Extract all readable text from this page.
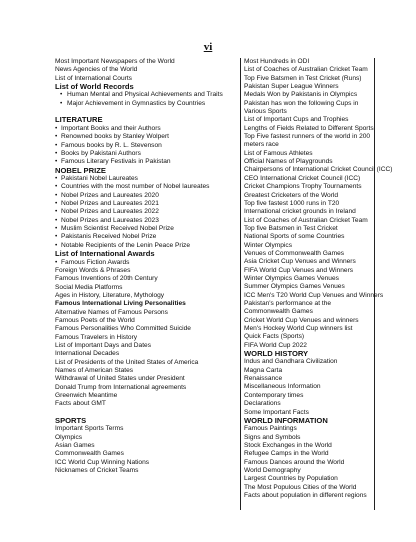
vi
Most Important Newspapers of the World
News Agencies of the World
List of International Courts
List of World Records
• Human Mental and Physical Achievements and Traits
• Major Achievement in Gymnastics by Countries
LITERATURE
• Important Books and their Authors
• Renowned books by Stanley Wolpert
• Famous books by R. L. Stevenson
• Books by Pakistani Authors
• Famous Literary Festivals in Pakistan
NOBEL PRIZE
• Pakistani Nobel Laureates
• Countries with the most number of Nobel laureates
• Nobel Prizes and Laureates 2020
• Nobel Prizes and Laureates 2021
• Nobel Prizes and Laureates 2022
• Nobel Prizes and Laureates 2023
• Muslim Scientist Received Nobel Prize
• Pakistanis Received Nobel Prize
• Notable Recipients of the Lenin Peace Prize
List of International Awards
• Famous Fiction Awards
Foreign Words & Phrases
Famous Inventions of 20th Century
Social Media Platforms
Ages in History, Literature, Mythology
Famous International Living Personalities
Alternative Names of Famous Persons
Famous Poets of the World
Famous Personalities Who Committed Suicide
Famous Travelers in History
List of Important Days and Dates
International Decades
List of Presidents of the United States of America
Names of American States
Withdrawal of United States under President
Donald Trump from International agreements
Greenwich Meantime
Facts about GMT
SPORTS
Important Sports Terms
Olympics
Asian Games
Commonwealth Games
ICC World Cup Winning Nations
Nicknames of Cricket Teams
Most Hundreds in ODI
List of Coaches of Australian Cricket Team
Top Five Batsmen in Test Cricket (Runs)
Pakistan Super League Winners
Medals Won by Pakistanis in Olympics
Pakistan has won the following Cups in Various Sports
List of Important Cups and Trophies
Lengths of Fields Related to Different Sports
Top Five fastest runners of the world in 200 meters race
List of Famous Athletes
Official Names of Playgrounds
Chairpersons of International Cricket Council (ICC)
CEO International Cricket Council (ICC)
Cricket Champions Trophy Tournaments
Greatest Cricketers of the World
Top five fastest 1000 runs in T20
International cricket grounds in Ireland
List of Coaches of Australian Cricket Team
Top five Batsmen in Test Cricket
National Sports of some Countries
Winter Olympics
Venues of Commonwealth Games
Asia Cricket Cup Venues and Winners
FIFA World Cup Venues and Winners
Winter Olympics Games Venues
Summer Olympics Games Venues
ICC Men's T20 World Cup Venues and Winners
Pakistan's performance at the Commonwealth Games
Cricket World Cup Venues and winners
Men's Hockey World Cup winners list
Quick Facts (Sports)
FIFA World Cup 2022
WORLD HISTORY
Indus and Gandhara Civilization
Magna Carta
Renaissance
Miscellaneous Information
Contemporary times
Declarations
Some Important Facts
WORLD INFORMATION
Famous Paintings
Signs and Symbols
Stock Exchanges in the World
Refugee Camps in the World
Famous Dances around the World
World Demography
Largest Countries by Population
The Most Populous Cities of the World
Facts about population in different regions
